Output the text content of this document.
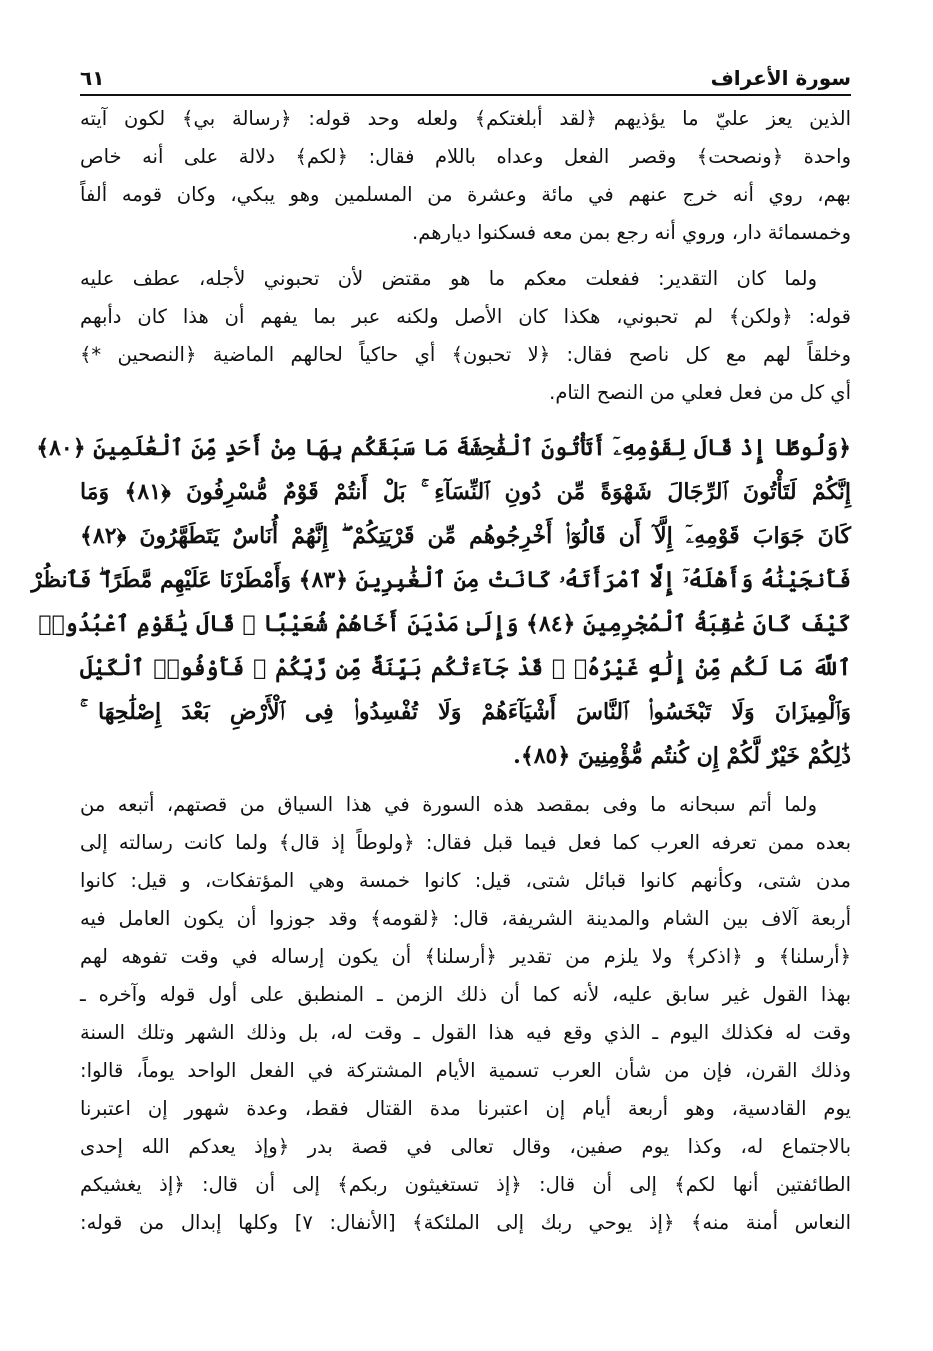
٦١	سورة الأعراف

الذين يعز عليّ ما يؤذيهم ﴿لقد أبلغتكم﴾ ولعله وحد قوله: ﴿رسالة بي﴾ لكون آيته

واحدة ﴿ونصحت﴾ وقصر الفعل وعداه باللام فقال: ﴿لكم﴾ دلالة على أنه خاص

بهم، روي أنه خرج عنهم في مائة وعشرة من المسلمين وهو يبكي، وكان قومه ألفاً

وخمسمائة دار، وروي أنه رجع بمن معه فسكنوا ديارهم.

ولما كان التقدير: ففعلت معكم ما هو مقتض لأن تحبوني لأجله، عطف عليه

قوله: ﴿ولكن﴾ لم تحبوني، هكذا كان الأصل ولكنه عبر بما يفهم أن هذا كان دأبهم

وخلقاً لهم مع كل ناصح فقال: ﴿لا تحبون﴾ أي حاكياً لحالهم الماضية ﴿النصحين *﴾

أي كل من فعل فعلي من النصح التام.

﴿وَلُوطًا إِذْ قَالَ لِقَوْمِهِۦٓ أَتَأْتُونَ ٱلْفَٰحِشَةَ مَا سَبَقَكُم بِهَا مِنْ أَحَدٍ مِّنَ ٱلْعَٰلَمِينَ ﴿٨٠﴾

إِنَّكُمْ لَتَأْتُونَ ٱلرِّجَالَ شَهْوَةً مِّن دُونِ ٱلنِّسَآءِ ۚ بَلْ أَنتُمْ قَوْمٌ مُّسْرِفُونَ ﴿٨١﴾ وَمَا

كَانَ جَوَابَ قَوْمِهِۦٓ إِلَّآ أَن قَالُوٓا۟ أَخْرِجُوهُم مِّن قَرْيَتِكُمْ ۖ إِنَّهُمْ أُنَاسٌ يَتَطَهَّرُونَ ﴿٨٢﴾

فَأَنجَيْنَٰهُ وَأَهْلَهُۥٓ إِلَّا ٱمْرَأَتَهُۥ كَانَتْ مِنَ ٱلْغَٰبِرِينَ ﴿٨٣﴾ وَأَمْطَرْنَا عَلَيْهِم مَّطَرًا ۖ فَٱنظُرْ

كَيْفَ كَانَ عَٰقِبَةُ ٱلْمُجْرِمِينَ ﴿٨٤﴾ وَإِلَىٰ مَدْيَنَ أَخَاهُمْ شُعَيْبًا ۗ قَالَ يَٰقَوْمِ ٱعْبُدُوا۟

ٱللَّهَ مَا لَكُم مِّنْ إِلَٰهٍ غَيْرُهُۥ ۖ قَدْ جَآءَتْكُم بَيِّنَةٌ مِّن رَّبِّكُمْ ۖ فَأَوْفُوا۟ ٱلْكَيْلَ

وَٱلْمِيزَانَ وَلَا تَبْخَسُوا۟ ٱلنَّاسَ أَشْيَآءَهُمْ وَلَا تُفْسِدُوا۟ فِى ٱلْأَرْضِ بَعْدَ إِصْلَٰحِهَا ۚ

ذَٰلِكُمْ خَيْرٌ لَّكُمْ إِن كُنتُم مُّؤْمِنِينَ ﴿٨٥﴾.

ولما أتم سبحانه ما وفى بمقصد هذه السورة في هذا السياق من قصتهم، أتبعه من

بعده ممن تعرفه العرب كما فعل فيما قبل فقال: ﴿ولوطاً إذ قال﴾ ولما كانت رسالته إلى

مدن شتى، وكأنهم كانوا قبائل شتى، قيل: كانوا خمسة وهي المؤتفكات، و قيل: كانوا

أربعة آلاف بين الشام والمدينة الشريفة، قال: ﴿لقومه﴾ وقد جوزوا أن يكون العامل فيه

﴿أرسلنا﴾ و ﴿اذكر﴾ ولا يلزم من تقدير ﴿أرسلنا﴾ أن يكون إرساله في وقت تفوهه لهم

بهذا القول غير سابق عليه، لأنه كما أن ذلك الزمن ـ المنطبق على أول قوله وآخره ـ

وقت له فكذلك اليوم ـ الذي وقع فيه هذا القول ـ وقت له، بل وذلك الشهر وتلك السنة

وذلك القرن، فإن من شأن العرب تسمية الأيام المشتركة في الفعل الواحد يوماً، قالوا:

يوم القادسية، وهو أربعة أيام إن اعتبرنا مدة القتال فقط، وعدة شهور إن اعتبرنا

بالاجتماع له، وكذا يوم صفين، وقال تعالى في قصة بدر ﴿وإذ يعدكم الله إحدى

الطائفتين أنها لكم﴾ إلى أن قال: ﴿إذ تستغيثون ربكم﴾ إلى أن قال: ﴿إذ يغشيكم

النعاس أمنة منه﴾ ﴿إذ يوحي ربك إلى الملئكة﴾ [الأنفال: ٧] وكلها إبدال من قوله:
